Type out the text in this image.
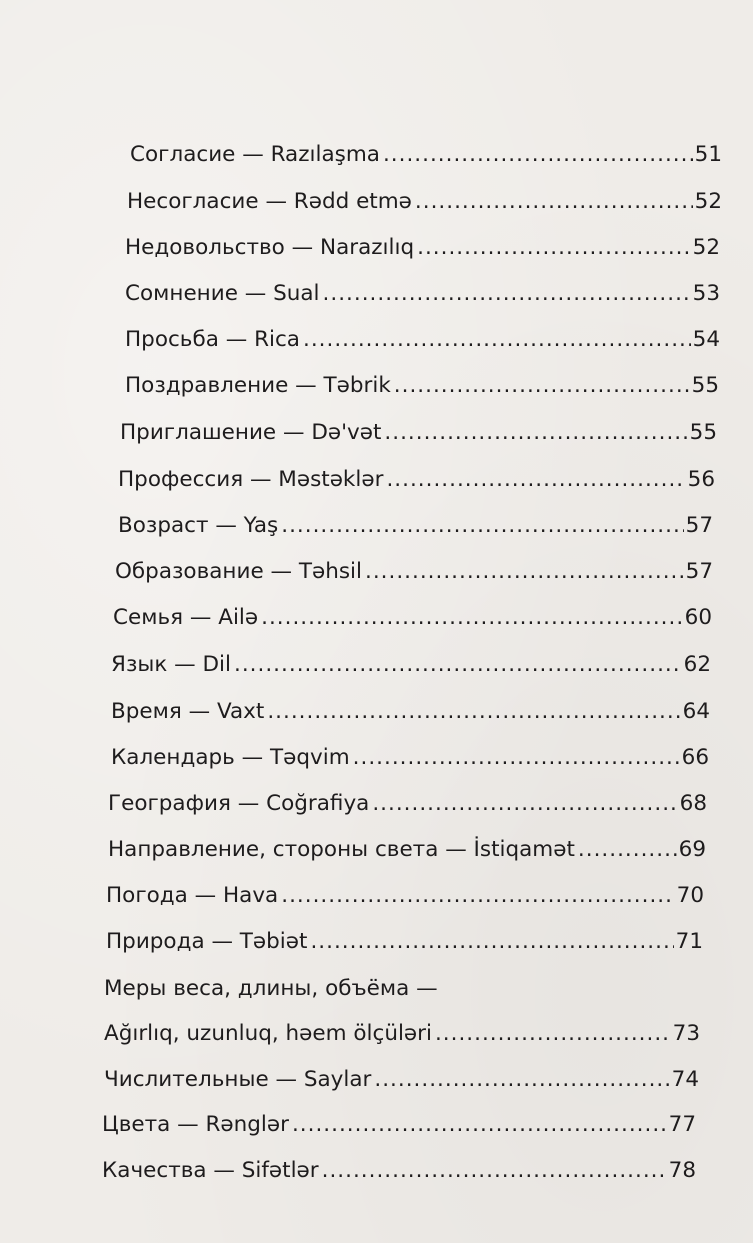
Согласие — Razılaşma .....	51
Несогласие — Rədd etmə .....	52
Недовольство — Narazılıq .....	52
Сомнение — Sual .....	53
Просьба — Rica .....	54
Поздравление — Təbrik .....	55
Приглашение — Də'vət .....	55
Профессия — Məstəklər .....	56
Возраст — Yaş .....	57
Образование — Təhsil .....	57
Семья — Ailə .....	60
Язык — Dil .....	62
Время — Vaxt .....	64
Календарь — Təqvim .....	66
География — Coğrafiya .....	68
Направление, стороны света — İstiqamət .....	69
Погода — Hava .....	70
Природа — Təbiət .....	71
Меры веса, длины, объёма —
Ağırlıq, uzunluq, həem ölçüləri .....	73
Числительные — Saylar .....	74
Цвета — Rənglər .....	77
Качества — Sifətlər .....	78
